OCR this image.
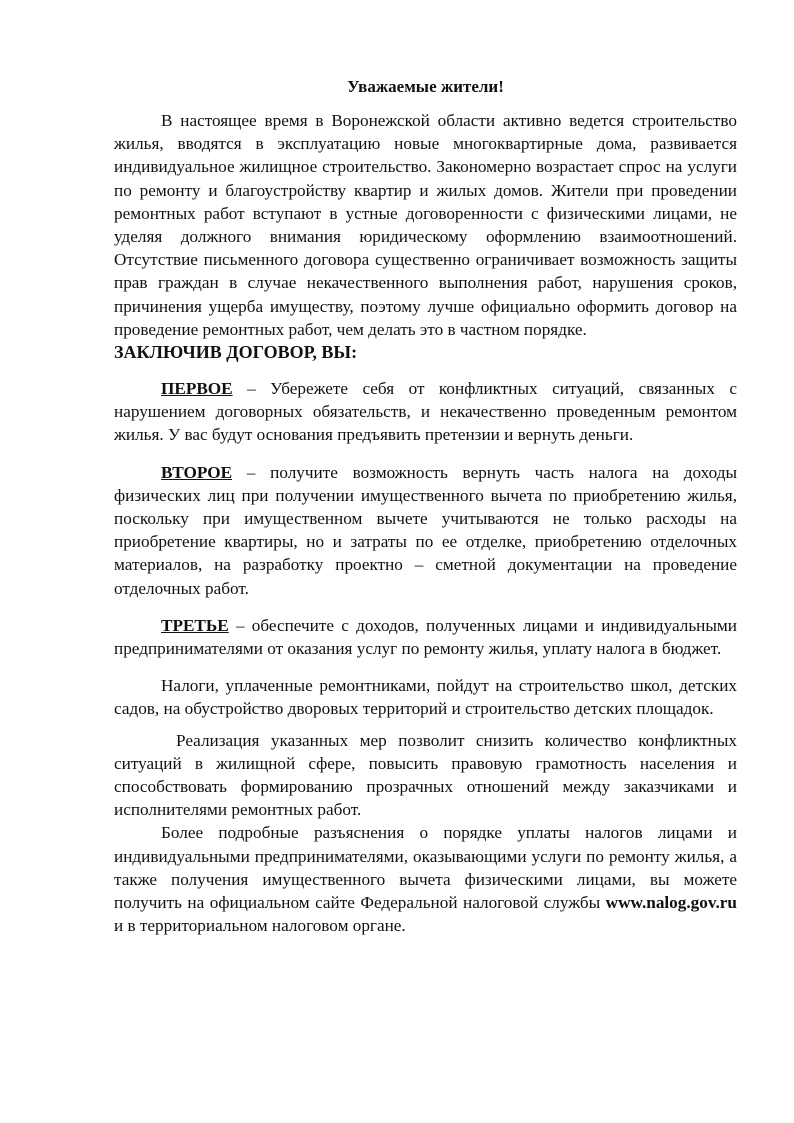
Уважаемые жители!

В настоящее время в Воронежской области активно ведется строительство жилья, вводятся в эксплуатацию новые многоквартирные дома, развивается индивидуальное жилищное строительство. Закономерно возрастает спрос на услуги по ремонту и благоустройству квартир и жилых домов. Жители при проведении ремонтных работ вступают в устные договоренности с физическими лицами, не уделяя должного внимания юридическому оформлению взаимоотношений. Отсутствие письменного договора существенно ограничивает возможность защиты прав граждан в случае некачественного выполнения работ, нарушения сроков, причинения ущерба имуществу, поэтому лучше официально оформить договор на проведение ремонтных работ, чем делать это в частном порядке.

ЗАКЛЮЧИВ ДОГОВОР, ВЫ:

ПЕРВОЕ – Убережете себя от конфликтных ситуаций, связанных с нарушением договорных обязательств, и некачественно проведенным ремонтом жилья. У вас будут основания предъявить претензии и вернуть деньги.

ВТОРОЕ – получите возможность вернуть часть налога на доходы физических лиц при получении имущественного вычета по приобретению жилья, поскольку при имущественном вычете учитываются не только расходы на приобретение квартиры, но и затраты по ее отделке, приобретению отделочных материалов, на разработку проектно – сметной документации на проведение отделочных работ.

ТРЕТЬЕ – обеспечите с доходов, полученных лицами и индивидуальными предпринимателями от оказания услуг по ремонту жилья, уплату налога в бюджет.

Налоги, уплаченные ремонтниками, пойдут на строительство школ, детских садов, на обустройство дворовых территорий и строительство детских площадок.

Реализация указанных мер позволит снизить количество конфликтных ситуаций в жилищной сфере, повысить правовую грамотность населения и способствовать формированию прозрачных отношений между заказчиками и исполнителями ремонтных работ.

Более подробные разъяснения о порядке уплаты налогов лицами и индивидуальными предпринимателями, оказывающими услуги по ремонту жилья, а также получения имущественного вычета физическими лицами, вы можете получить на официальном сайте Федеральной налоговой службы www.nalog.gov.ru и в территориальном налоговом органе.
